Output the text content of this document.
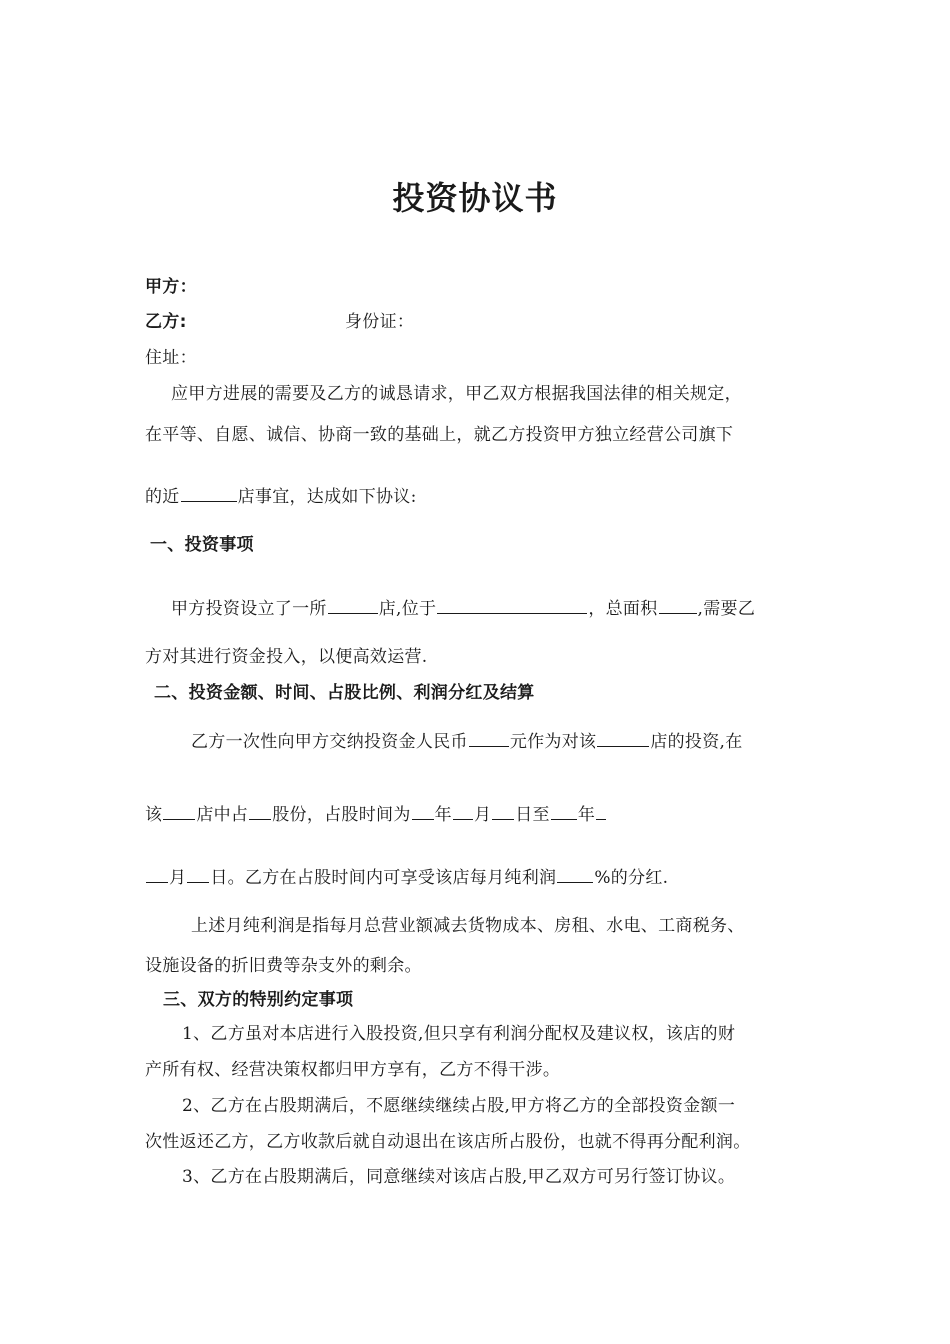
投资协议书
甲方：
乙方:	身份证：
住址：
应甲方进展的需要及乙方的诚恳请求，甲乙双方根据我国法律的相关规定，
在平等、自愿、诚信、协商一致的基础上，就乙方投资甲方独立经营公司旗下
的近	店事宜，达成如下协议:
一、投资事项
甲方投资设立了一所	店,位于	，总面积 ,需要乙
方对其进行资金投入，以便高效运营.
二、投资金额、时间、占股比例、利润分红及结算
乙方一次性向甲方交纳投资金人民币 元作为对该	店的投资,在
该 店中占 股份，占股时间为 年 月 日至 年
月 日。乙方在占股时间内可享受该店每月纯利润 %的分红.
上述月纯利润是指每月总营业额减去货物成本、房租、水电、工商税务、
设施设备的折旧费等杂支外的剩余。
三、双方的特别约定事项
1、乙方虽对本店进行入股投资,但只享有利润分配权及建议权，该店的财
产所有权、经营决策权都归甲方享有，乙方不得干涉。
2、乙方在占股期满后，不愿继续继续占股,甲方将乙方的全部投资金额一
次性返还乙方，乙方收款后就自动退出在该店所占股份，也就不得再分配利润。
3、乙方在占股期满后，同意继续对该店占股,甲乙双方可另行签订协议。
